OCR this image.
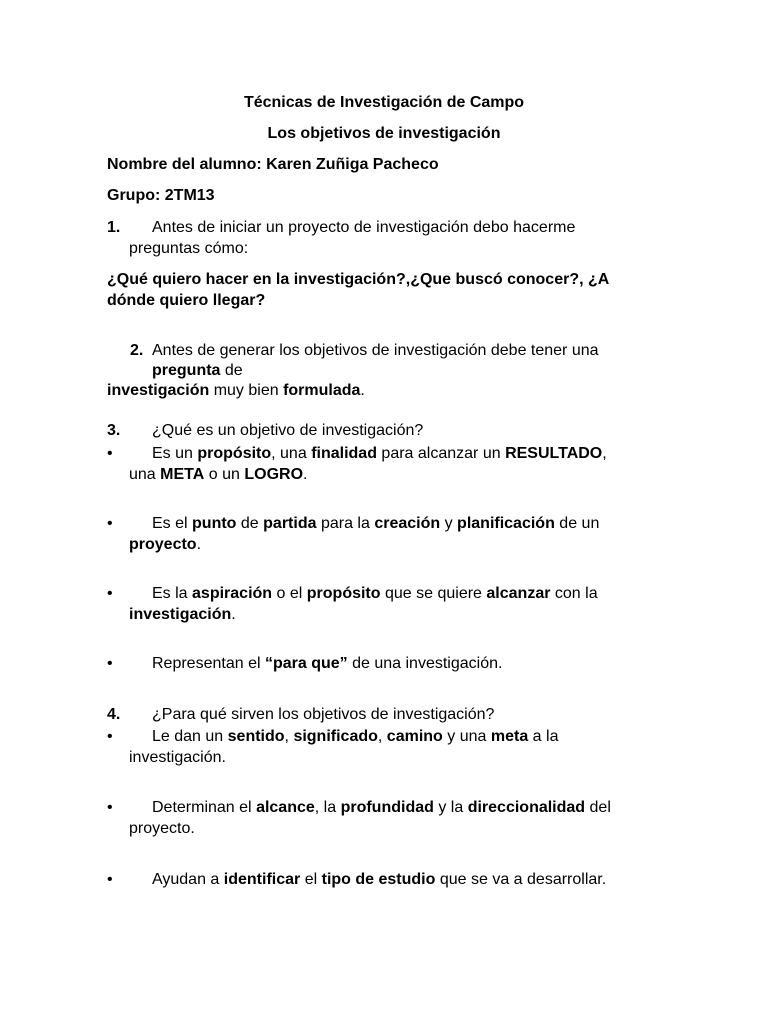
Técnicas de Investigación de Campo
Los objetivos de investigación
Nombre del alumno: Karen Zuñiga Pacheco
Grupo: 2TM13
1. Antes de iniciar un proyecto de investigación debo hacerme
preguntas cómo:
¿Qué quiero hacer en la investigación?,¿Que buscó conocer?, ¿A
dónde quiero llegar?
2. Antes de generar los objetivos de investigación debe tener una
pregunta de
investigación muy bien formulada.
3. ¿Qué es un objetivo de investigación?
• Es un propósito, una finalidad para alcanzar un RESULTADO,
una META o un LOGRO.
• Es el punto de partida para la creación y planificación de un
proyecto.
• Es la aspiración o el propósito que se quiere alcanzar con la
investigación.
• Representan el “para que” de una investigación.
4. ¿Para qué sirven los objetivos de investigación?
• Le dan un sentido, significado, camino y una meta a la
investigación.
• Determinan el alcance, la profundidad y la direccionalidad del
proyecto.
• Ayudan a identificar el tipo de estudio que se va a desarrollar.
